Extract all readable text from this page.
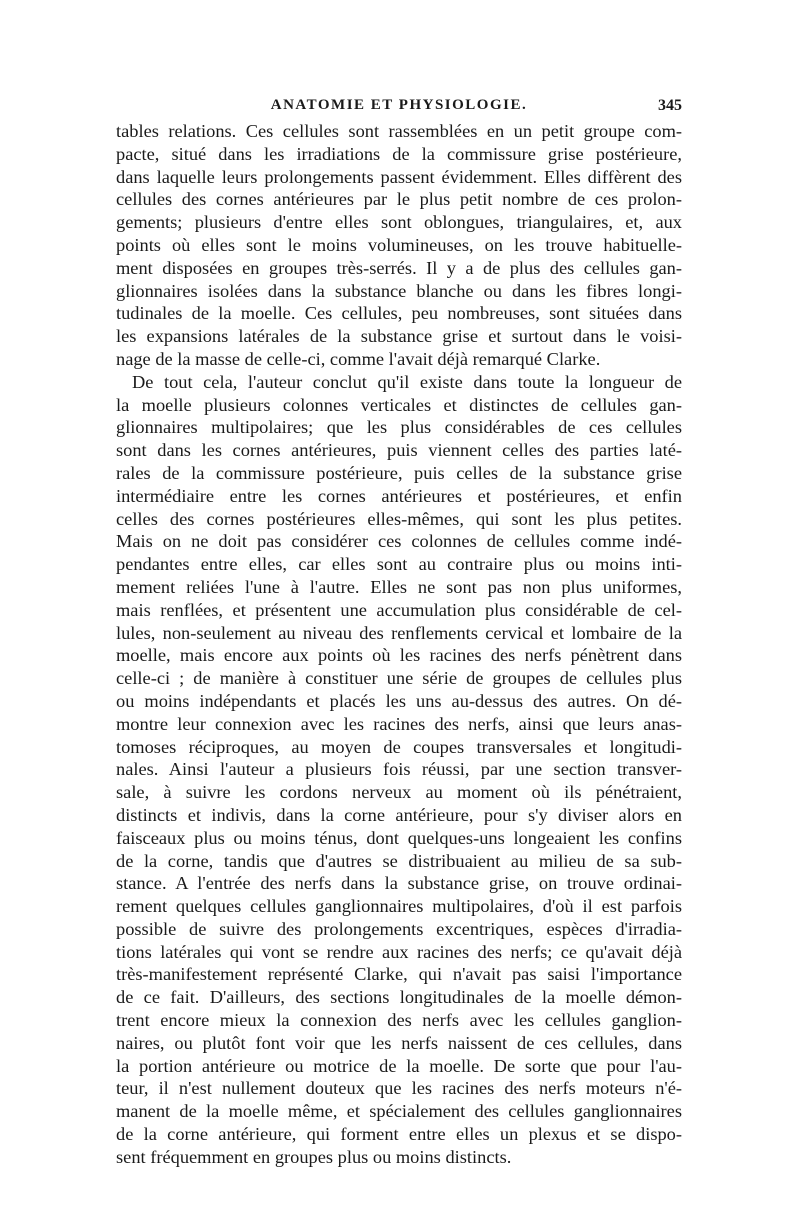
ANATOMIE ET PHYSIOLOGIE.	345
tables relations. Ces cellules sont rassemblées en un petit groupe com-
pacte, situé dans les irradiations de la commissure grise postérieure,
dans laquelle leurs prolongements passent évidemment. Elles diffèrent des
cellules des cornes antérieures par le plus petit nombre de ces prolon-
gements; plusieurs d'entre elles sont oblongues, triangulaires, et, aux
points où elles sont le moins volumineuses, on les trouve habituelle-
ment disposées en groupes très-serrés. Il y a de plus des cellules gan-
glionnaires isolées dans la substance blanche ou dans les fibres longi-
tudinales de la moelle. Ces cellules, peu nombreuses, sont situées dans
les expansions latérales de la substance grise et surtout dans le voisi-
nage de la masse de celle-ci, comme l'avait déjà remarqué Clarke.
De tout cela, l'auteur conclut qu'il existe dans toute la longueur de
la moelle plusieurs colonnes verticales et distinctes de cellules gan-
glionnaires multipolaires; que les plus considérables de ces cellules
sont dans les cornes antérieures, puis viennent celles des parties laté-
rales de la commissure postérieure, puis celles de la substance grise
intermédiaire entre les cornes antérieures et postérieures, et enfin
celles des cornes postérieures elles-mêmes, qui sont les plus petites.
Mais on ne doit pas considérer ces colonnes de cellules comme indé-
pendantes entre elles, car elles sont au contraire plus ou moins inti-
mement reliées l'une à l'autre. Elles ne sont pas non plus uniformes,
mais renflées, et présentent une accumulation plus considérable de cel-
lules, non-seulement au niveau des renflements cervical et lombaire de la
moelle, mais encore aux points où les racines des nerfs pénètrent dans
celle-ci ; de manière à constituer une série de groupes de cellules plus
ou moins indépendants et placés les uns au-dessus des autres. On dé-
montre leur connexion avec les racines des nerfs, ainsi que leurs anas-
tomoses réciproques, au moyen de coupes transversales et longitudi-
nales. Ainsi l'auteur a plusieurs fois réussi, par une section transver-
sale, à suivre les cordons nerveux au moment où ils pénétraient,
distincts et indivis, dans la corne antérieure, pour s'y diviser alors en
faisceaux plus ou moins ténus, dont quelques-uns longeaient les confins
de la corne, tandis que d'autres se distribuaient au milieu de sa sub-
stance. A l'entrée des nerfs dans la substance grise, on trouve ordinai-
rement quelques cellules ganglionnaires multipolaires, d'où il est parfois
possible de suivre des prolongements excentriques, espèces d'irradia-
tions latérales qui vont se rendre aux racines des nerfs; ce qu'avait déjà
très-manifestement représenté Clarke, qui n'avait pas saisi l'importance
de ce fait. D'ailleurs, des sections longitudinales de la moelle démon-
trent encore mieux la connexion des nerfs avec les cellules ganglion-
naires, ou plutôt font voir que les nerfs naissent de ces cellules, dans
la portion antérieure ou motrice de la moelle. De sorte que pour l'au-
teur, il n'est nullement douteux que les racines des nerfs moteurs n'é-
manent de la moelle même, et spécialement des cellules ganglionnaires
de la corne antérieure, qui forment entre elles un plexus et se dispo-
sent fréquemment en groupes plus ou moins distincts.
